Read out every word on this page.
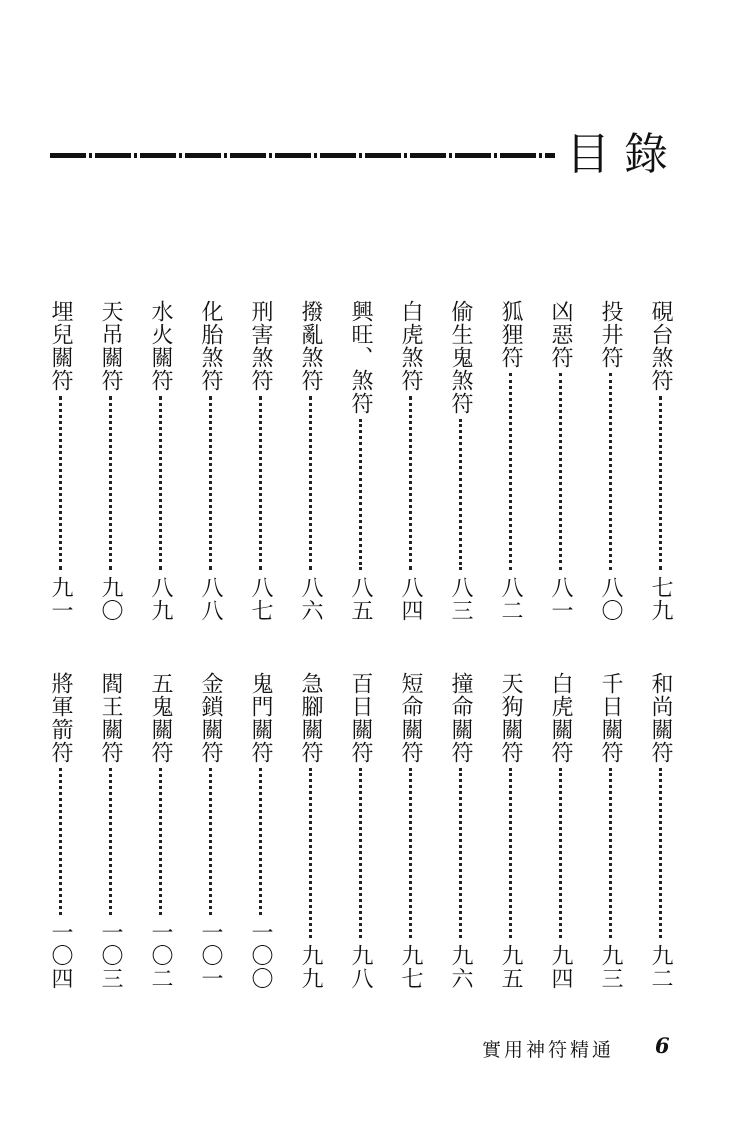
目錄
硯台煞符
七九
投井符
八〇
凶惡符
八一
狐狸符
八二
偷生鬼煞符
八三
白虎煞符
八四
興旺、煞符
八五
撥亂煞符
八六
刑害煞符
八七
化胎煞符
八八
水火關符
八九
天吊關符
九〇
埋兒關符
九一
和尚關符
九二
千日關符
九三
白虎關符
九四
天狗關符
九五
撞命關符
九六
短命關符
九七
百日關符
九八
急腳關符
九九
鬼門關符
一〇〇
金鎖關符
一〇一
五鬼關符
一〇二
閻王關符
一〇三
將軍箭符
一〇四
實用神符精通 6
